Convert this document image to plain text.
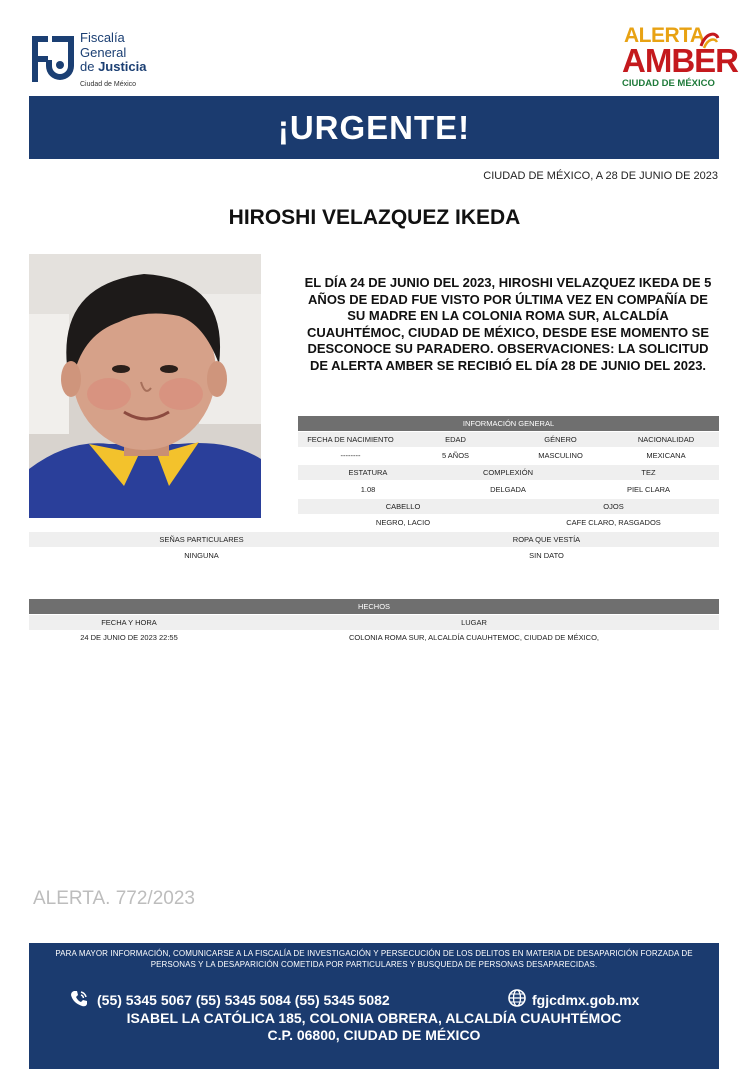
Fiscalía
General
de Justicia
Ciudad de México
ALERTA
AMBER
CIUDAD DE MÉXICO
¡URGENTE!
CIUDAD DE MÉXICO, A 28 DE JUNIO DE 2023
HIROSHI VELAZQUEZ IKEDA
EL DÍA 24 DE JUNIO DEL 2023, HIROSHI VELAZQUEZ IKEDA DE 5 AÑOS DE EDAD FUE VISTO POR ÚLTIMA VEZ EN COMPAÑÍA DE SU MADRE EN LA COLONIA ROMA SUR, ALCALDÍA CUAUHTÉMOC, CIUDAD DE MÉXICO, DESDE ESE MOMENTO SE DESCONOCE SU PARADERO. OBSERVACIONES: LA SOLICITUD DE ALERTA AMBER SE RECIBIÓ EL DÍA 28 DE JUNIO DEL 2023.
INFORMACIÓN GENERAL
FECHA DE NACIMIENTO	EDAD	GÉNERO	NACIONALIDAD
--------	5 AÑOS	MASCULINO	MEXICANA
ESTATURA	COMPLEXIÓN	TEZ
1.08	DELGADA	PIEL CLARA
CABELLO	OJOS
NEGRO, LACIO	CAFE CLARO, RASGADOS
SEÑAS PARTICULARES	ROPA QUE VESTÍA
NINGUNA	SIN DATO
HECHOS
FECHA Y HORA	LUGAR
24 DE JUNIO DE 2023 22:55	COLONIA ROMA SUR, ALCALDÍA CUAUHTEMOC, CIUDAD DE MÉXICO,
ALERTA. 772/2023
PARA MAYOR INFORMACIÓN, COMUNICARSE A LA FISCALÍA DE INVESTIGACIÓN Y PERSECUCIÓN DE LOS DELITOS EN MATERIA DE DESAPARICIÓN FORZADA DE PERSONAS Y LA DESAPARICIÓN COMETIDA POR PARTICULARES Y BUSQUEDA DE PERSONAS DESAPARECIDAS.
(55) 5345 5067 (55) 5345 5084 (55) 5345 5082	fgjcdmx.gob.mx
ISABEL LA CATÓLICA 185, COLONIA OBRERA, ALCALDÍA CUAUHTÉMOC
C.P. 06800, CIUDAD DE MÉXICO
